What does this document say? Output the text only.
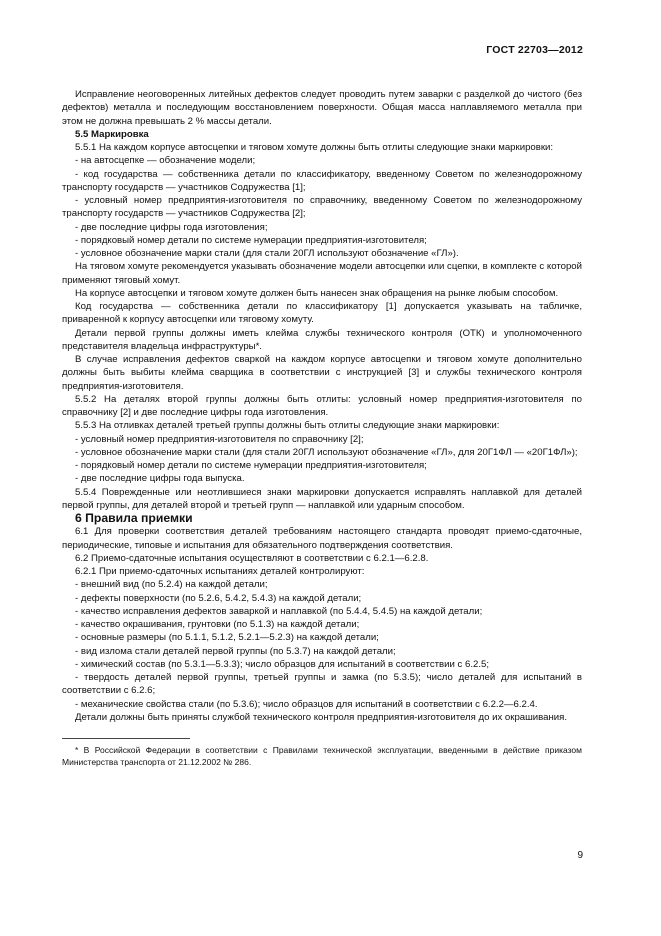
ГОСТ 22703—2012

Исправление неоговоренных литейных дефектов следует проводить путем заварки с разделкой до чистого (без дефектов) металла и последующим восстановлением поверхности. Общая масса наплавляемого металла при этом не должна превышать 2 % массы детали.

5.5 Маркировка

5.5.1 На каждом корпусе автосцепки и тяговом хомуте должны быть отлиты следующие знаки маркировки:

- на автосцепке — обозначение модели;

- код государства — собственника детали по классификатору, введенному Советом по железнодорожному транспорту государств — участников Содружества [1];

- условный номер предприятия-изготовителя по справочнику, введенному Советом по железнодорожному транспорту государств — участников Содружества [2];

- две последние цифры года изготовления;

- порядковый номер детали по системе нумерации предприятия-изготовителя;

- условное обозначение марки стали (для стали 20ГЛ используют обозначение «ГЛ»).

На тяговом хомуте рекомендуется указывать обозначение модели автосцепки или сцепки, в комплекте с которой применяют тяговый хомут.

На корпусе автосцепки и тяговом хомуте должен быть нанесен знак обращения на рынке любым способом.

Код государства — собственника детали по классификатору [1] допускается указывать на табличке, приваренной к корпусу автосцепки или тяговому хомуту.

Детали первой группы должны иметь клейма службы технического контроля (ОТК) и уполномоченного представителя владельца инфраструктуры*.

В случае исправления дефектов сваркой на каждом корпусе автосцепки и тяговом хомуте дополнительно должны быть выбиты клейма сварщика в соответствии с инструкцией [3] и службы технического контроля предприятия-изготовителя.

5.5.2 На деталях второй группы должны быть отлиты: условный номер предприятия-изготовителя по справочнику [2] и две последние цифры года изготовления.

5.5.3 На отливках деталей третьей группы должны быть отлиты следующие знаки маркировки:

- условный номер предприятия-изготовителя по справочнику [2];

- условное обозначение марки стали (для стали 20ГЛ используют обозначение «ГЛ», для 20Г1ФЛ — «20Г1ФЛ»);

- порядковый номер детали по системе нумерации предприятия-изготовителя;

- две последние цифры года выпуска.

5.5.4 Поврежденные или неотлившиеся знаки маркировки допускается исправлять наплавкой для деталей первой группы, для деталей второй и третьей групп — наплавкой или ударным способом.

6 Правила приемки

6.1 Для проверки соответствия деталей требованиям настоящего стандарта проводят приемо-сдаточные, периодические, типовые и испытания для обязательного подтверждения соответствия.

6.2 Приемо-сдаточные испытания осуществляют в соответствии с 6.2.1—6.2.8.

6.2.1 При приемо-сдаточных испытаниях деталей контролируют:

- внешний вид (по 5.2.4) на каждой детали;

- дефекты поверхности (по 5.2.6, 5.4.2, 5.4.3) на каждой детали;

- качество исправления дефектов заваркой и наплавкой (по 5.4.4, 5.4.5) на каждой детали;

- качество окрашивания, грунтовки (по 5.1.3) на каждой детали;

- основные размеры (по 5.1.1, 5.1.2, 5.2.1—5.2.3) на каждой детали;

- вид излома стали деталей первой группы (по 5.3.7) на каждой детали;

- химический состав (по 5.3.1—5.3.3); число образцов для испытаний в соответствии с 6.2.5;

- твердость деталей первой группы, третьей группы и замка (по 5.3.5); число деталей для испытаний в соответствии с 6.2.6;

- механические свойства стали (по 5.3.6); число образцов для испытаний в соответствии с 6.2.2—6.2.4.

Детали должны быть приняты службой технического контроля предприятия-изготовителя до их окрашивания.

* В Российской Федерации в соответствии с Правилами технической эксплуатации, введенными в действие приказом Министерства транспорта от 21.12.2002 № 286.

9
